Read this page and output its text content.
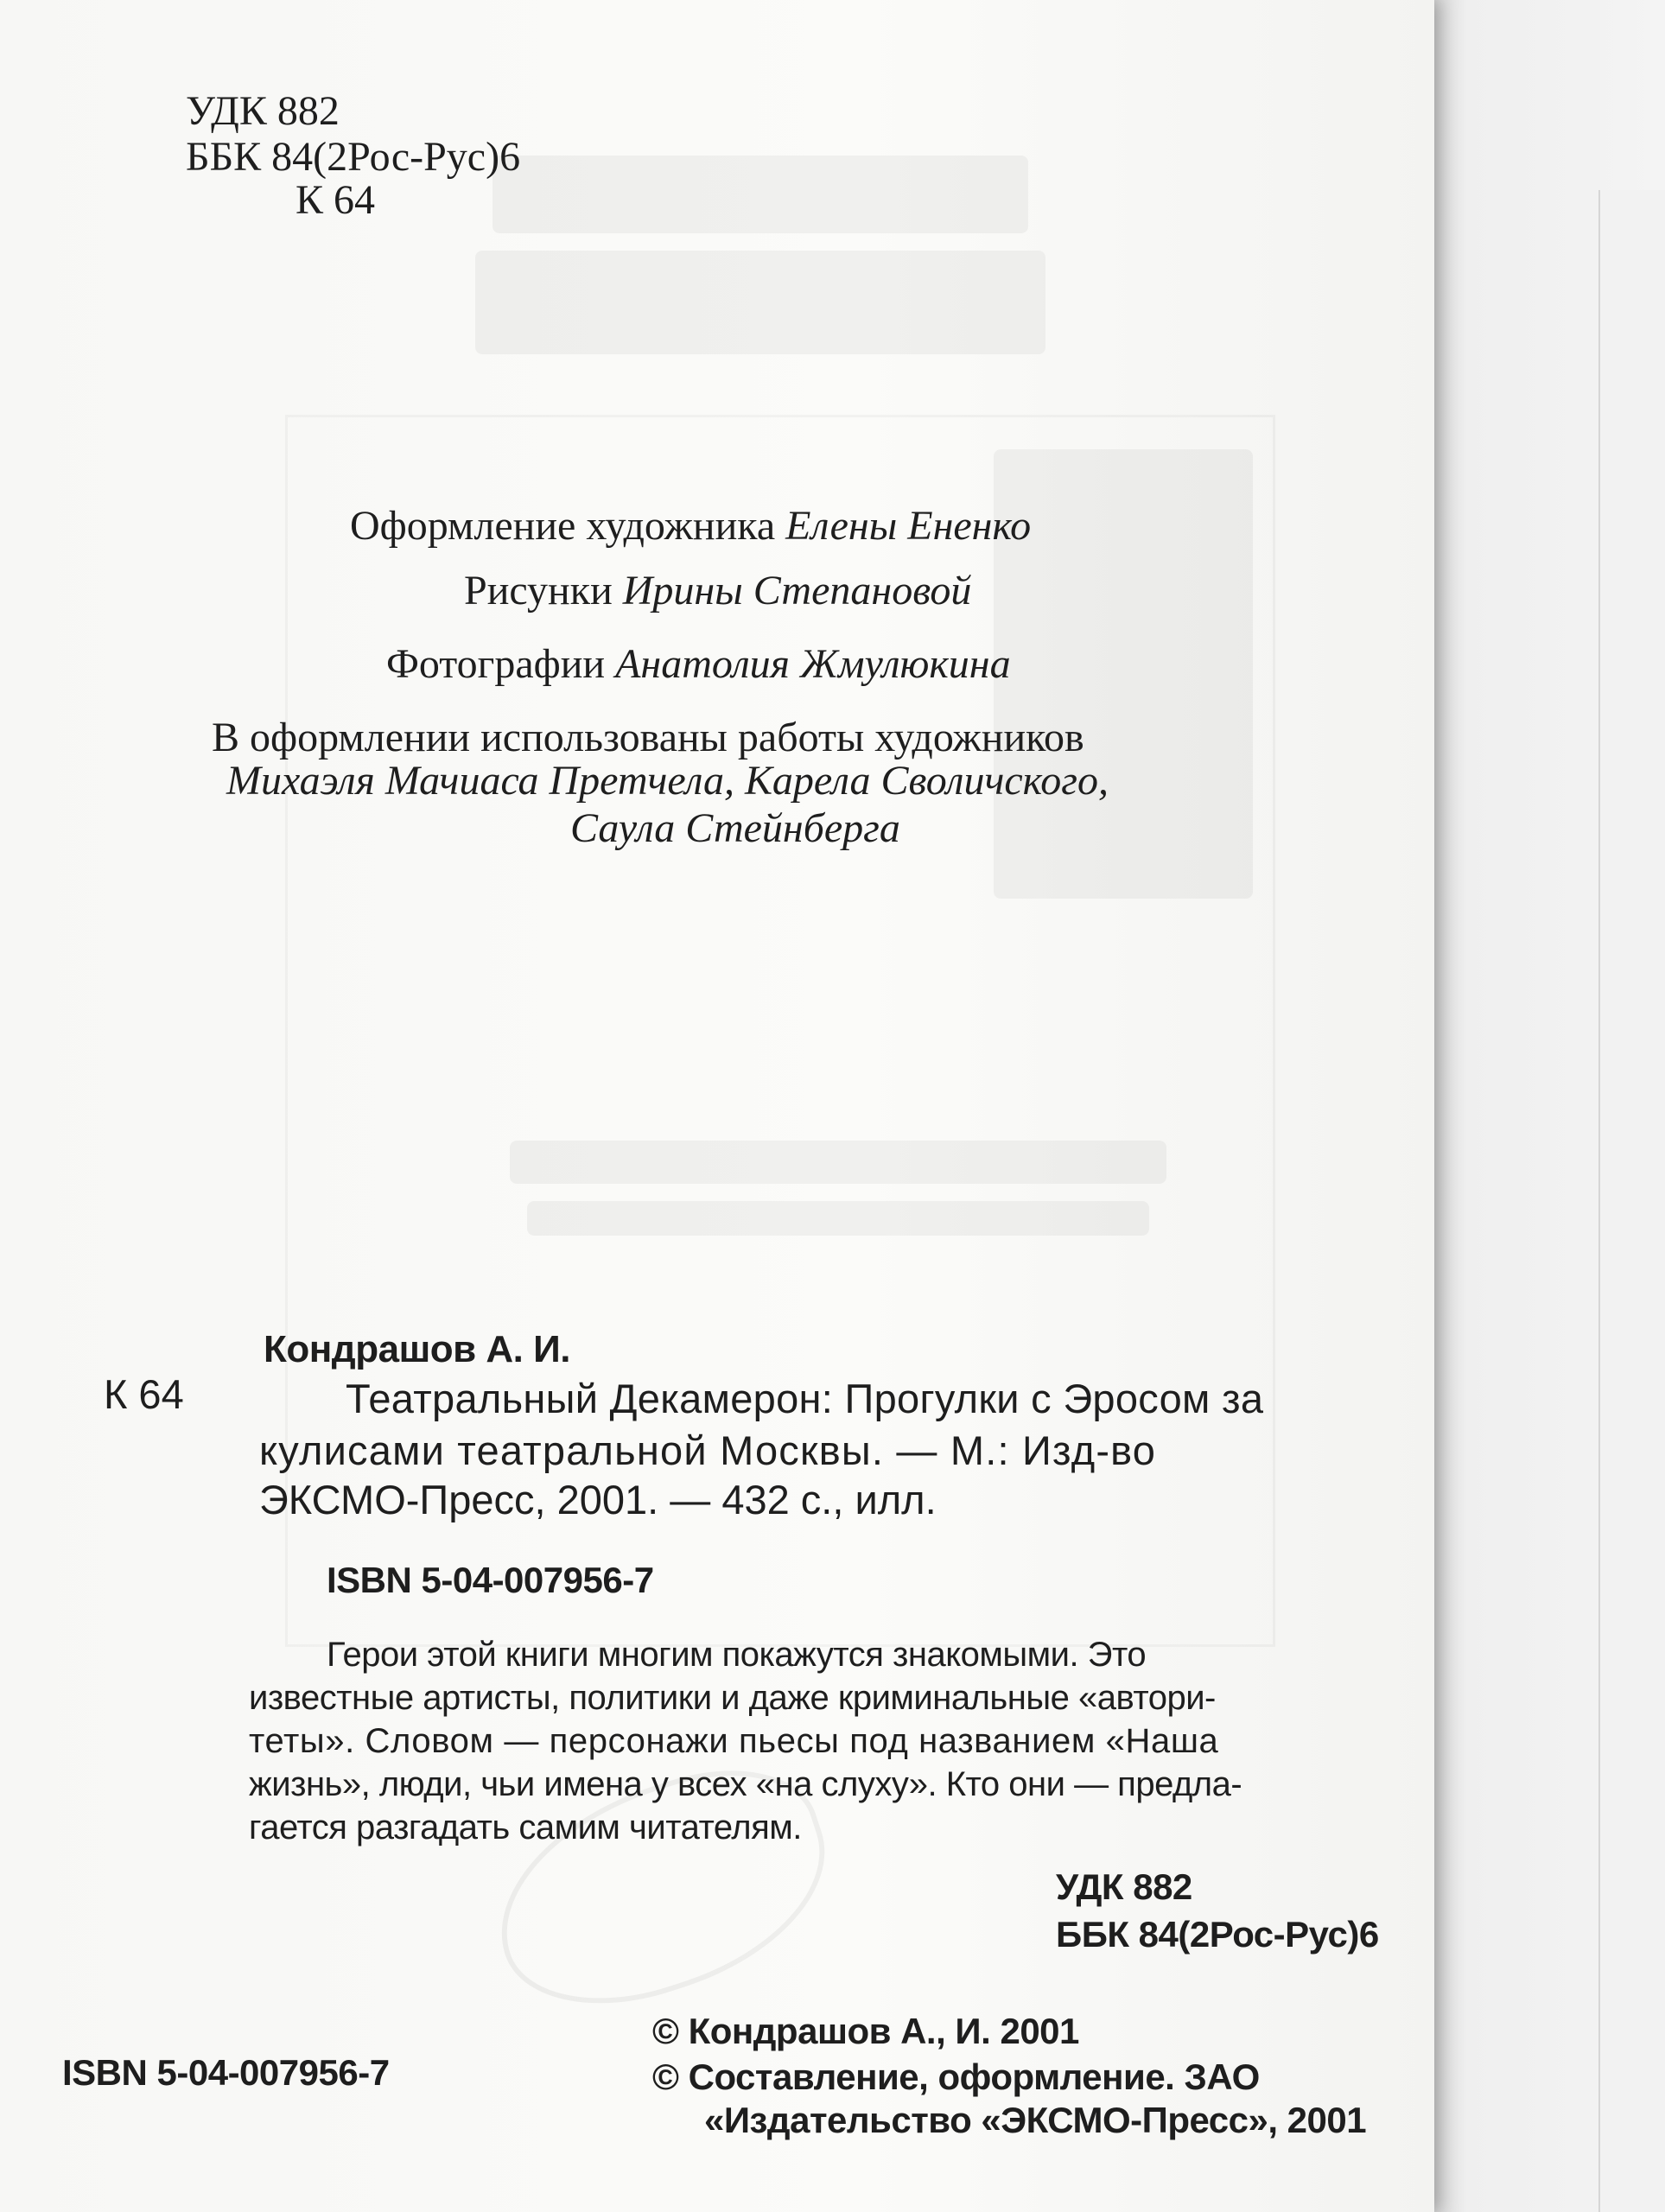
УДК 882
ББК 84(2Рос-Рус)6
К 64
Оформление художника Елены Ененко
Рисунки Ирины Степановой
Фотографии Анатолия Жмулюкина
В оформлении использованы работы художников
Михаэля Мачиаса Претчела, Карела Своличского,
Саула Стейнберга
Кондрашов А. И.
К 64	Театральный Декамерон: Прогулки с Эросом за
кулисами театральной Москвы. — М.: Изд-во
ЭКСМО-Пресс, 2001. — 432 с., илл.
ISBN 5-04-007956-7
Герои этой книги многим покажутся знакомыми. Это
известные артисты, политики и даже криминальные «автори-
теты». Словом — персонажи пьесы под названием «Наша
жизнь», люди, чьи имена у всех «на слуху». Кто они — предла-
гается разгадать самим читателям.
УДК 882
ББК 84(2Рос-Рус)6
© Кондрашов А., И. 2001
© Составление, оформление. ЗАО
«Издательство «ЭКСМО-Пресс», 2001
ISBN 5-04-007956-7
